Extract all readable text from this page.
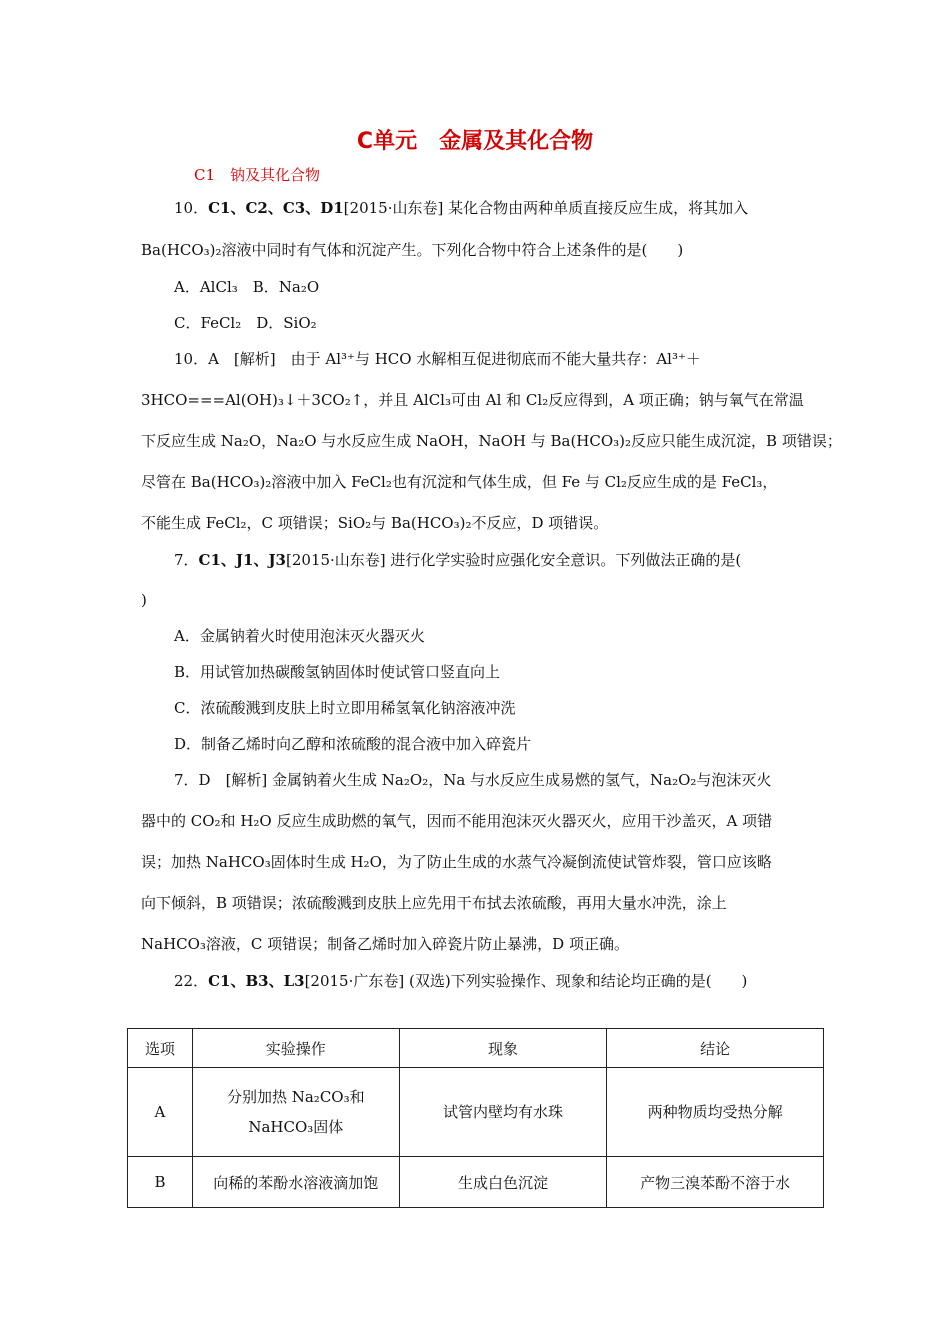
C单元　金属及其化合物
C1　钠及其化合物
10．C1、C2、C3、D1[2015·山东卷] 某化合物由两种单质直接反应生成，将其加入
Ba(HCO₃)₂溶液中同时有气体和沉淀产生。下列化合物中符合上述条件的是(　　)
A．AlCl₃　B．Na₂O
C．FeCl₂　D．SiO₂
10．A　[解析]　由于 Al³⁺与 HCO 水解相互促进彻底而不能大量共存：Al³⁺＋
3HCO===Al(OH)₃↓＋3CO₂↑，并且 AlCl₃可由 Al 和 Cl₂反应得到，A 项正确；钠与氧气在常温
下反应生成 Na₂O，Na₂O 与水反应生成 NaOH，NaOH 与 Ba(HCO₃)₂反应只能生成沉淀，B 项错误；
尽管在 Ba(HCO₃)₂溶液中加入 FeCl₂也有沉淀和气体生成，但 Fe 与 Cl₂反应生成的是 FeCl₃，
不能生成 FeCl₂，C 项错误；SiO₂与 Ba(HCO₃)₂不反应，D 项错误。
7．C1、J1、J3[2015·山东卷] 进行化学实验时应强化安全意识。下列做法正确的是(
)
A．金属钠着火时使用泡沫灭火器灭火
B．用试管加热碳酸氢钠固体时使试管口竖直向上
C．浓硫酸溅到皮肤上时立即用稀氢氧化钠溶液冲洗
D．制备乙烯时向乙醇和浓硫酸的混合液中加入碎瓷片
7．D　[解析] 金属钠着火生成 Na₂O₂，Na 与水反应生成易燃的氢气，Na₂O₂与泡沫灭火
器中的 CO₂和 H₂O 反应生成助燃的氧气，因而不能用泡沫灭火器灭火，应用干沙盖灭，A 项错
误；加热 NaHCO₃固体时生成 H₂O，为了防止生成的水蒸气冷凝倒流使试管炸裂，管口应该略
向下倾斜，B 项错误；浓硫酸溅到皮肤上应先用干布拭去浓硫酸，再用大量水冲洗，涂上
NaHCO₃溶液，C 项错误；制备乙烯时加入碎瓷片防止暴沸，D 项正确。
22．C1、B3、L3[2015·广东卷] (双选)下列实验操作、现象和结论均正确的是(　　)
选项	实验操作	现象	结论
A	分别加热 Na₂CO₃和 NaHCO₃固体	试管内壁均有水珠	两种物质均受热分解
B	向稀的苯酚水溶液滴加饱	生成白色沉淀	产物三溴苯酚不溶于水
